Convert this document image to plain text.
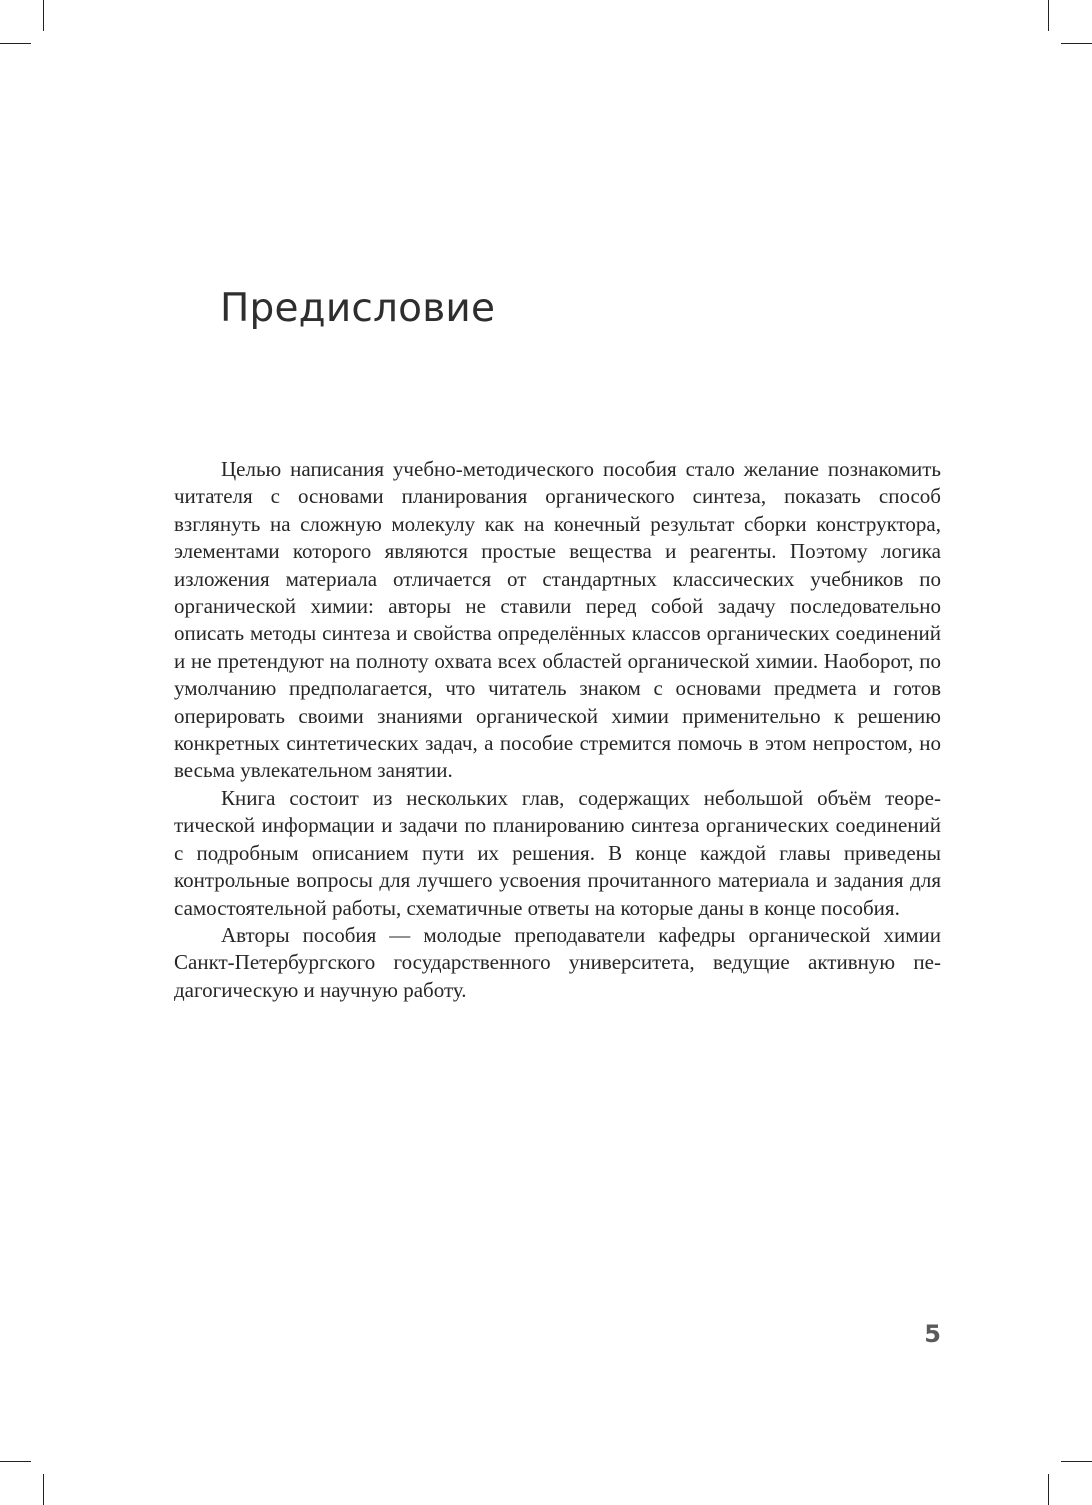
Предисловие

Целью написания учебно-методического пособия стало желание познакомить читателя с основами планирования органического синтеза, показать способ взглянуть на сложную молекулу как на конечный результат сборки конструктора, элементами которого являются простые вещества и реагенты. Поэтому логика изложения материала отличается от стандартных классических учебников по органической химии: авторы не ставили перед собой задачу последовательно описать методы синтеза и свойства определённых классов органических соединений и не претендуют на полноту охвата всех областей органической химии. Наоборот, по умолчанию предполагается, что читатель знаком с основами предмета и готов оперировать своими знаниями органической химии применительно к решению конкретных синтетических задач, а пособие стремится помочь в этом непростом, но весьма увлекательном занятии.

Книга состоит из нескольких глав, содержащих небольшой объём теоретической информации и задачи по планированию синтеза органических соединений с подробным описанием пути их решения. В конце каждой главы приведены контрольные вопросы для лучшего усвоения прочитанного материала и задания для самостоятельной работы, схематичные ответы на которые даны в конце пособия.

Авторы пособия — молодые преподаватели кафедры органической химии Санкт-Петербургского государственного университета, ведущие активную педагогическую и научную работу.

5
